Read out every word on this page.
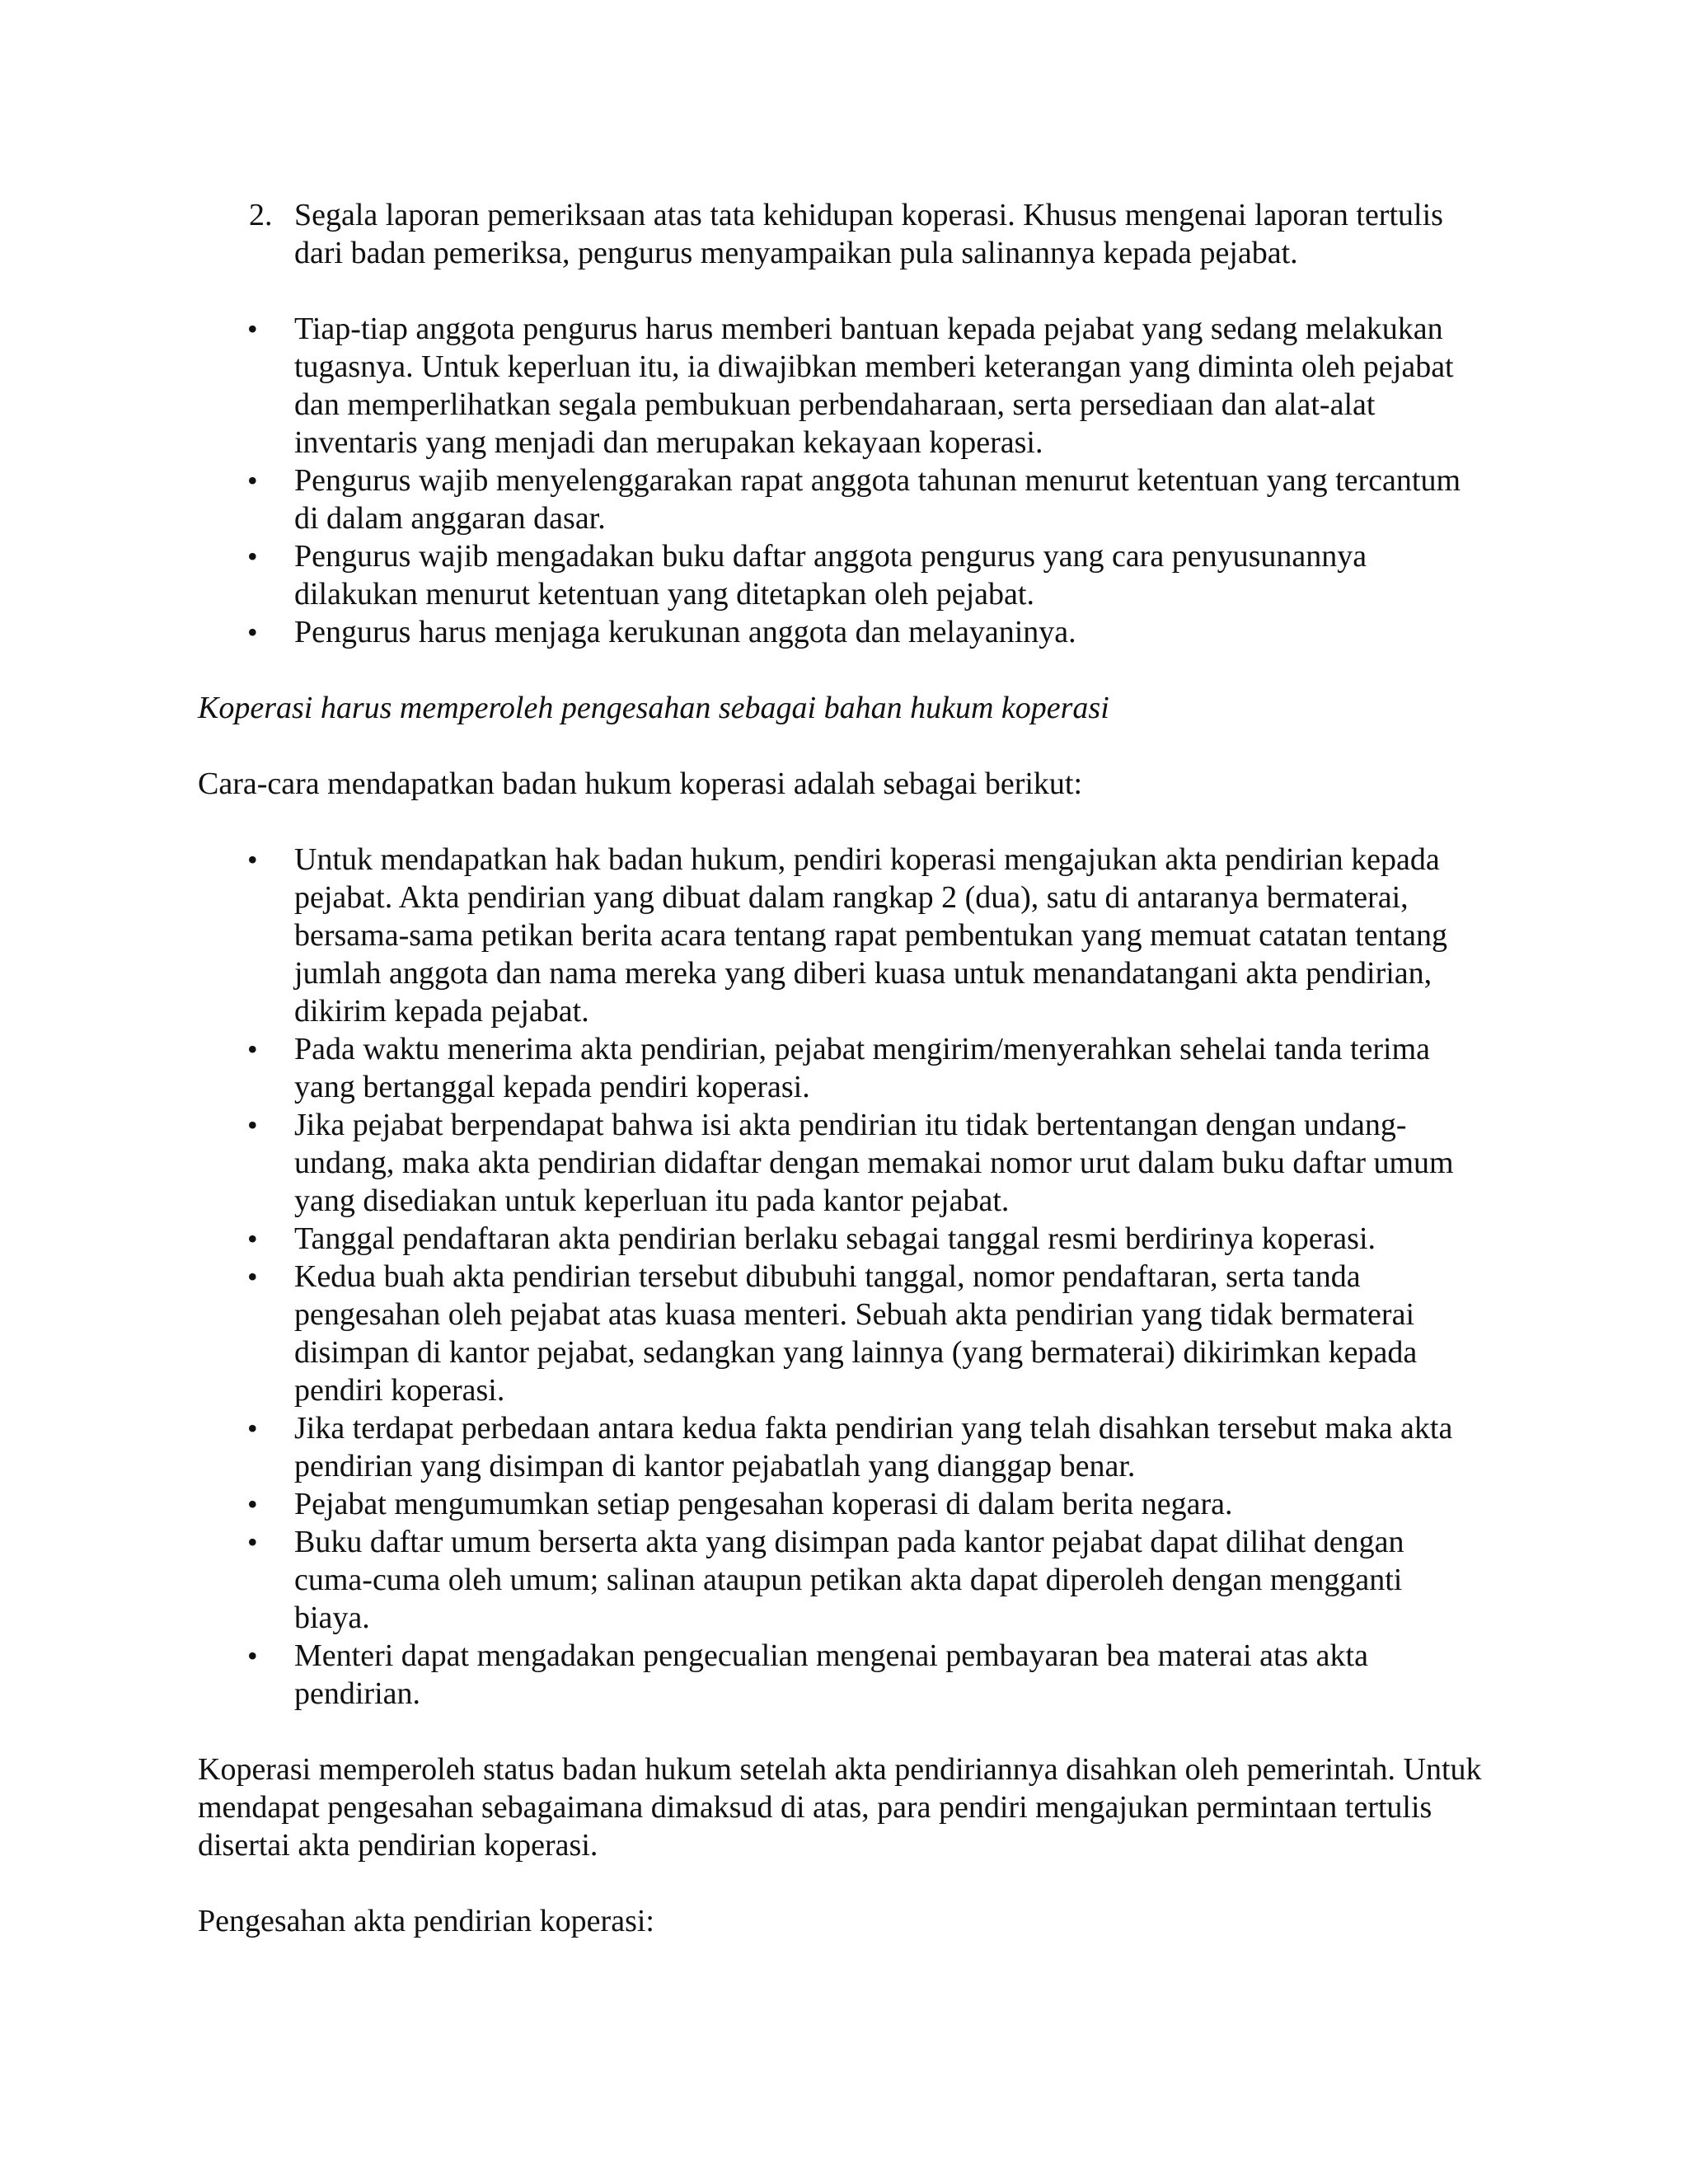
2. Segala laporan pemeriksaan atas tata kehidupan koperasi. Khusus mengenai laporan tertulis dari badan pemeriksa, pengurus menyampaikan pula salinannya kepada pejabat.
• Tiap-tiap anggota pengurus harus memberi bantuan kepada pejabat yang sedang melakukan tugasnya. Untuk keperluan itu, ia diwajibkan memberi keterangan yang diminta oleh pejabat dan memperlihatkan segala pembukuan perbendaharaan, serta persediaan dan alat-alat inventaris yang menjadi dan merupakan kekayaan koperasi.
• Pengurus wajib menyelenggarakan rapat anggota tahunan menurut ketentuan yang tercantum di dalam anggaran dasar.
• Pengurus wajib mengadakan buku daftar anggota pengurus yang cara penyusunannya dilakukan menurut ketentuan yang ditetapkan oleh pejabat.
• Pengurus harus menjaga kerukunan anggota dan melayaninya.

Koperasi harus memperoleh pengesahan sebagai bahan hukum koperasi

Cara-cara mendapatkan badan hukum koperasi adalah sebagai berikut:

• Untuk mendapatkan hak badan hukum, pendiri koperasi mengajukan akta pendirian kepada pejabat. Akta pendirian yang dibuat dalam rangkap 2 (dua), satu di antaranya bermaterai, bersama-sama petikan berita acara tentang rapat pembentukan yang memuat catatan tentang jumlah anggota dan nama mereka yang diberi kuasa untuk menandatangani akta pendirian, dikirim kepada pejabat.
• Pada waktu menerima akta pendirian, pejabat mengirim/menyerahkan sehelai tanda terima yang bertanggal kepada pendiri koperasi.
• Jika pejabat berpendapat bahwa isi akta pendirian itu tidak bertentangan dengan undang-undang, maka akta pendirian didaftar dengan memakai nomor urut dalam buku daftar umum yang disediakan untuk keperluan itu pada kantor pejabat.
• Tanggal pendaftaran akta pendirian berlaku sebagai tanggal resmi berdirinya koperasi.
• Kedua buah akta pendirian tersebut dibubuhi tanggal, nomor pendaftaran, serta tanda pengesahan oleh pejabat atas kuasa menteri. Sebuah akta pendirian yang tidak bermaterai disimpan di kantor pejabat, sedangkan yang lainnya (yang bermaterai) dikirimkan kepada pendiri koperasi.
• Jika terdapat perbedaan antara kedua fakta pendirian yang telah disahkan tersebut maka akta pendirian yang disimpan di kantor pejabatlah yang dianggap benar.
• Pejabat mengumumkan setiap pengesahan koperasi di dalam berita negara.
• Buku daftar umum berserta akta yang disimpan pada kantor pejabat dapat dilihat dengan cuma-cuma oleh umum; salinan ataupun petikan akta dapat diperoleh dengan mengganti biaya.
• Menteri dapat mengadakan pengecualian mengenai pembayaran bea materai atas akta pendirian.

Koperasi memperoleh status badan hukum setelah akta pendiriannya disahkan oleh pemerintah. Untuk mendapat pengesahan sebagaimana dimaksud di atas, para pendiri mengajukan permintaan tertulis disertai akta pendirian koperasi.

Pengesahan akta pendirian koperasi:
